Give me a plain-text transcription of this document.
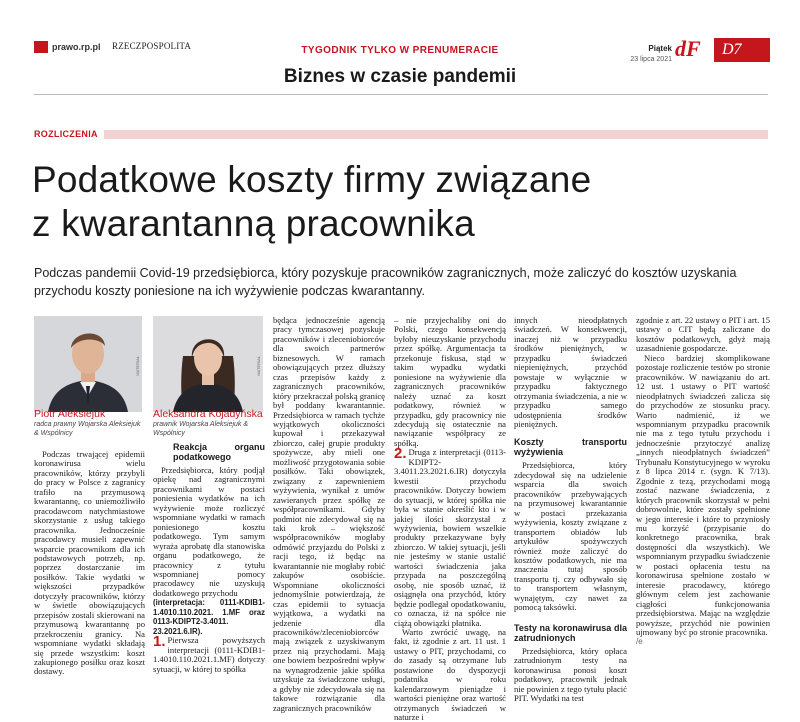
prawo.rp.pl RZECZPOSPOLITA	TYGODNIK TYLKO W PRENUMERACIE	Piątek
23 lipca 2021 dF	D7
Biznes w czasie pandemii
ROZLICZENIA
Podatkowe koszty firmy związane
z kwarantanną pracownika
Podczas pandemii Covid-19 przedsiębiorca, który pozyskuje pracowników zagranicznych, może zaliczyć do kosztów uzyskania przychodu koszty poniesione na ich wyżywienie podczas kwarantanny.
MATERIAŁ	MATERIAŁ
Piotr Aleksiejuk
radca prawny Wojarska Aleksiejuk & Wspólnicy
Aleksandra Kojadyńska
prawnik Wojarska Aleksiejuk & Wspólnicy

Podczas trwającej epidemii koronawirusa wielu pracowników, którzy przybyli do pracy w Polsce z zagranicy trafiło na przymusową kwarantannę, co uniemożliwiło pracodawcom natychmiastowe skorzystanie z usług takiego pracownika. Jednocześnie pracodawcy musieli zapewnić wsparcie pracownikom dla ich podstawowych potrzeb, np. poprzez dostarczanie im posiłków. Takie wydatki w większości przypadków dotyczyły pracowników, którzy w świetle obowiązujących przepisów zostali skierowani na przymusową kwarantannę po przekroczeniu granicy. Na wspomniane wydatki składają się przede wszystkim: koszt zakupionego posiłku oraz koszt dostawy.

Reakcja organu podatkowego

Przedsiębiorca, który podjął opiekę nad zagranicznymi pracownikami w postaci poniesienia wydatków na ich wyżywienie może rozliczyć wspomniane wydatki w ramach poniesionego kosztu podatkowego. Tym samym wyraża aprobatę dla stanowiska organu podatkowego, że pracownicy z tytułu wspomnianej pomocy pracodawcy nie uzyskują dodatkowego przychodu

(interpretacja: 0111-KDIB1-1.4010.110.2021. 1.MF oraz 0113-KDIPT2-3.4011. 23.2021.6.IR).

1. Pierwsza powyższych interpretacji (0111-KDIB1-1.4010.110.2021.1.MF) dotyczy sytuacji, w której to spółka

będąca jednocześnie agencją pracy tymczasowej pozyskuje pracowników i zleceniobiorców dla swoich partnerów biznesowych. W ramach obowiązujących przez dłuższy czas przepisów każdy z zagranicznych pracowników, który przekraczał polską granicę był poddany kwarantannie. Przedsiębiorca w ramach tychże wyjątkowych okoliczności kupował i przekazywał zbiorczo, całej grupie produkty spożywcze, aby mieli one możliwość przygotowania sobie posiłków. Taki obowiązek, związany z zapewnieniem wyżywienia, wynikał z umów zawieranych przez spółkę ze współpracownikami. Gdyby podmiot nie zdecydował się na taki krok – większość współpracowników mogłaby odmówić przyjazdu do Polski z racji tego, iż będąc na kwarantannie nie mogłaby robić zakupów osobiście. Wspomniane okoliczności jednomyślnie potwierdzają, że czas epidemii to sytuacja wyjątkowa, a wydatki na jedzenie dla pracowników/zleceniobiorców mają związek z uzyskiwanym przez nią przychodami. Mają one bowiem bezpośredni wpływ na wynagrodzenie jakie spółka uzyskuje za świadczone usługi, a gdyby nie zdecydowała się na takowe rozwiązanie dla zagranicznych pracowników

– nie przyjechaliby oni do Polski, czego konsekwencją byłoby nieuzyskanie przychodu przez spółkę. Argumentacja ta przekonuje fiskusa, stąd w takim wypadku wydatki poniesione na wyżywienie dla zagranicznych pracowników należy uznać za koszt podatkowy, również w przypadku, gdy pracownicy nie zdecydują się ostatecznie na nawiązanie współpracy ze spółką.

2. Druga z interpretacji (0113-KDIPT2-3.4011.23.2021.6.IR) dotyczyła kwestii przychodu pracowników. Dotyczy bowiem do sytuacji, w której spółka nie była w stanie określić kto i w jakiej ilości skorzystał z wyżywienia, bowiem wszelkie produkty przekazywane były zbiorczo. W takiej sytuacji, jeśli nie jesteśmy w stanie ustalić wartości świadczenia jaka przypada na poszczególną osobę, nie sposób uznać, iż osiągnęła ona przychód, który będzie podlegał opodatkowaniu, co oznacza, iż na spółce nie ciążą obowiązki płatnika.

Warto zwrócić uwagę, na fakt, iż zgodnie z art. 11 ust. 1 ustawy o PIT, przychodami, co do zasady są otrzymane lub postawione do dyspozycji podatnika w roku kalendarzowym pieniądze i wartości pieniężne oraz wartość otrzymanych świadczeń w naturze i

innych nieodpłatnych świadczeń. W konsekwencji, inaczej niż w przypadku środków pieniężnych, w przypadku świadczeń niepieniężnych, przychód powstaje w wyłącznie w przypadku faktycznego otrzymania świadczenia, a nie w przypadku samego udostępnienia środków pieniężnych.

Koszty transportu wyżywienia

Przedsiębiorca, który zdecydował się na udzielenie wsparcia dla swoich pracowników przebywających na przymusowej kwarantannie w postaci przekazania wyżywienia, koszty związane z transportem obiadów lub artykułów spożywczych również może zaliczyć do kosztów podatkowych, nie ma znaczenia tutaj sposób transportu tj. czy odbywało się to transportem własnym, wynajętym, czy nawet za pomocą taksówki.

Testy na koronawirusa dla zatrudnionych

Przedsiębiorca, który opłaca zatrudnionym testy na koronawirusa ponosi koszt podatkowy, pracownik jednak nie powinien z tego tytułu płacić PIT. Wydatki na test

zgodnie z art. 22 ustawy o PIT i art. 15 ustawy o CIT będą zaliczane do kosztów podatkowych, gdyż mają uzasadnienie gospodarcze.

Nieco bardziej skomplikowane pozostaje rozliczenie testów po stronie pracowników. W nawiązaniu do art. 12 ust. 1 ustawy o PIT wartość nieodpłatnych świadczeń zalicza się do przychodów ze stosunku pracy. Warto nadmienić, iż we wspomnianym przypadku pracownik nie ma z tego tytułu przychodu i jednocześnie przytoczyć analizę „innych nieodpłatnych świadczeń” Trybunału Konstytucyjnego w wyroku z 8 lipca 2014 r. (sygn. K 7/13). Zgodnie z tezą, przychodami mogą zostać nazwane świadczenia, z których pracownik skorzystał w pełni dobrowolnie, które zostały spełnione w jego interesie i które to przyniosły mu korzyść (przypisanie do konkretnego pracownika, brak dostępności dla wszystkich). We wspomnianym przypadku świadczenie w postaci opłacenia testu na koronawirusa spełnione zostało w interesie pracodawcy, którego głównym celem jest zachowanie ciągłości funkcjonowania przedsiębiorstwa. Mając na względzie powyższe, przychód nie powinien ujmowany być po stronie pracownika.

/e
